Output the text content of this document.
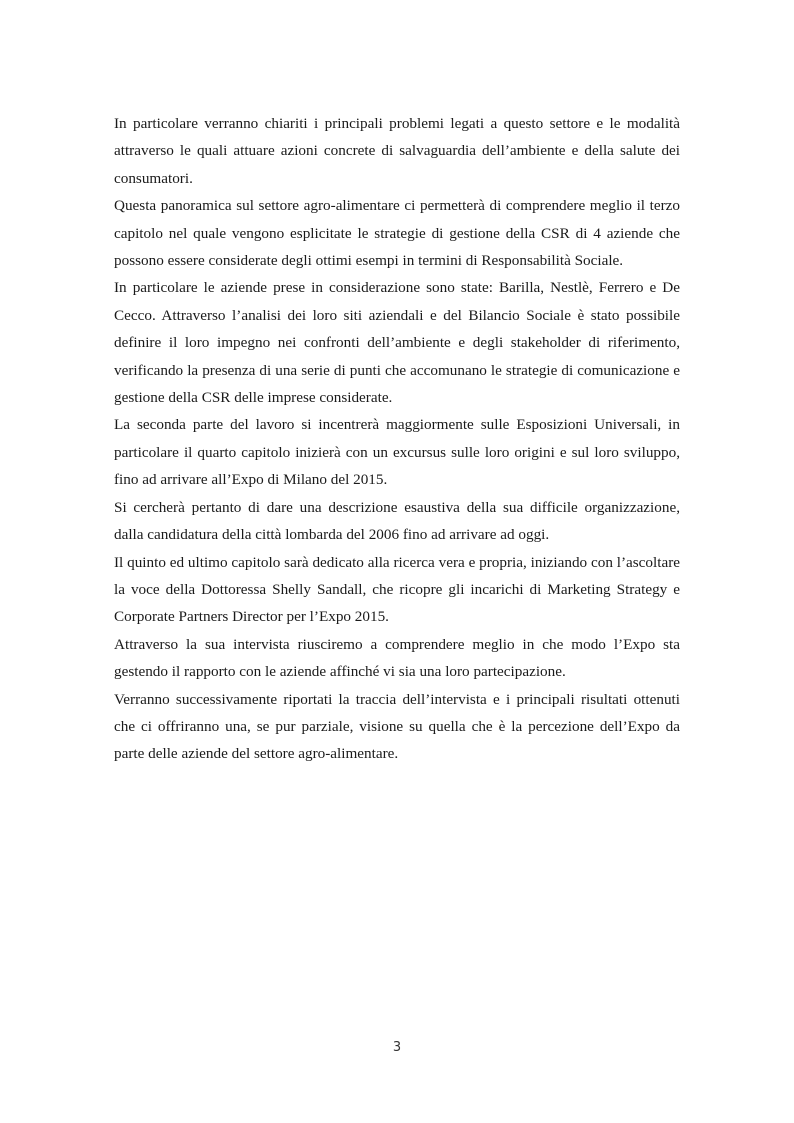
In particolare verranno chiariti i principali problemi legati a questo settore e le modalità attraverso le quali attuare azioni concrete di salvaguardia dell’ambiente e della salute dei consumatori.

Questa panoramica sul settore agro-alimentare ci permetterà di comprendere meglio il terzo capitolo nel quale vengono esplicitate le strategie di gestione della CSR di 4 aziende che possono essere considerate degli ottimi esempi in termini di Responsabilità Sociale.

In particolare le aziende prese in considerazione sono state: Barilla, Nestlè, Ferrero e De Cecco. Attraverso l’analisi dei loro siti aziendali e del Bilancio Sociale è stato possibile definire il loro impegno nei confronti dell’ambiente e degli stakeholder di riferimento, verificando la presenza di una serie di punti che accomunano le strategie di comunicazione e gestione della CSR delle imprese considerate.

La seconda parte del lavoro si incentrerà maggiormente sulle Esposizioni Universali, in particolare il quarto capitolo inizierà con un excursus sulle loro origini e sul loro sviluppo, fino ad arrivare all’Expo di Milano del 2015.

Si cercherà pertanto di dare una descrizione esaustiva della sua difficile organizzazione, dalla candidatura della città lombarda del 2006 fino ad arrivare ad oggi.

Il quinto ed ultimo capitolo sarà dedicato alla ricerca vera e propria, iniziando con l’ascoltare la voce della Dottoressa Shelly Sandall, che ricopre gli incarichi di Marketing Strategy e Corporate Partners Director per l’Expo 2015.

Attraverso la sua intervista riusciremo a comprendere meglio in che modo l’Expo sta gestendo il rapporto con le aziende affinché vi sia una loro partecipazione.

Verranno successivamente riportati la traccia dell’intervista e i principali risultati ottenuti che ci offriranno una, se pur parziale, visione su quella che è la percezione dell’Expo da parte delle aziende del settore agro-alimentare.

3
